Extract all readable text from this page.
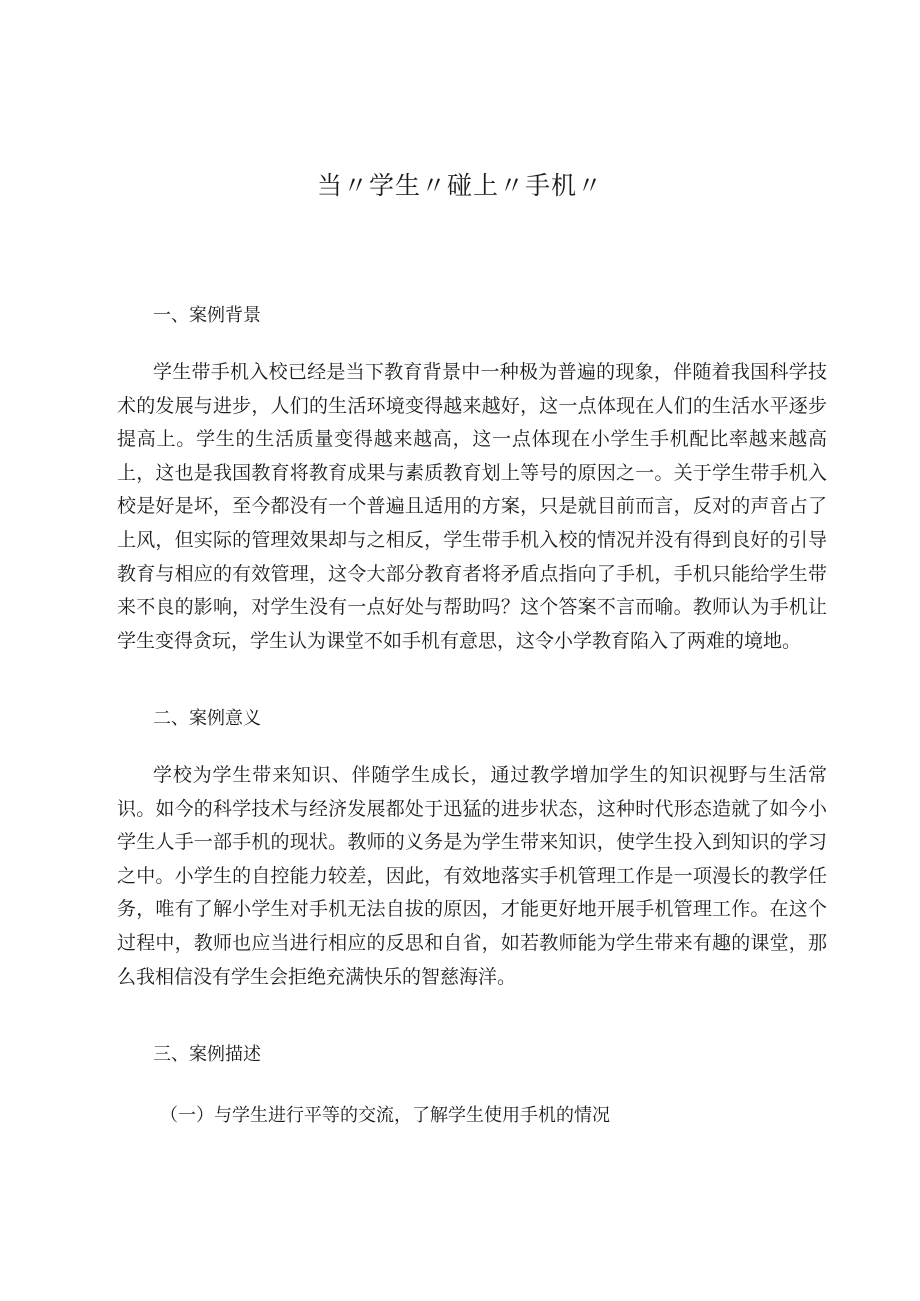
当〃学生〃碰上〃手机〃
一、案例背景

学生带手机入校已经是当下教育背景中一种极为普遍的现象，伴随着我国科学技术的发展与进步，人们的生活环境变得越来越好，这一点体现在人们的生活水平逐步提高上。学生的生活质量变得越来越高，这一点体现在小学生手机配比率越来越高上，这也是我国教育将教育成果与素质教育划上等号的原因之一。关于学生带手机入校是好是坏，至今都没有一个普遍且适用的方案，只是就目前而言，反对的声音占了上风，但实际的管理效果却与之相反，学生带手机入校的情况并没有得到良好的引导教育与相应的有效管理，这令大部分教育者将矛盾点指向了手机，手机只能给学生带来不良的影响，对学生没有一点好处与帮助吗？这个答案不言而喻。教师认为手机让学生变得贪玩，学生认为课堂不如手机有意思，这令小学教育陷入了两难的境地。

二、案例意义

学校为学生带来知识、伴随学生成长，通过教学增加学生的知识视野与生活常识。如今的科学技术与经济发展都处于迅猛的进步状态，这种时代形态造就了如今小学生人手一部手机的现状。教师的义务是为学生带来知识，使学生投入到知识的学习之中。小学生的自控能力较差，因此，有效地落实手机管理工作是一项漫长的教学任务，唯有了解小学生对手机无法自拔的原因，才能更好地开展手机管理工作。在这个过程中，教师也应当进行相应的反思和自省，如若教师能为学生带来有趣的课堂，那么我相信没有学生会拒绝充满快乐的智慈海洋。

三、案例描述
（一）与学生进行平等的交流，了解学生使用手机的情况
